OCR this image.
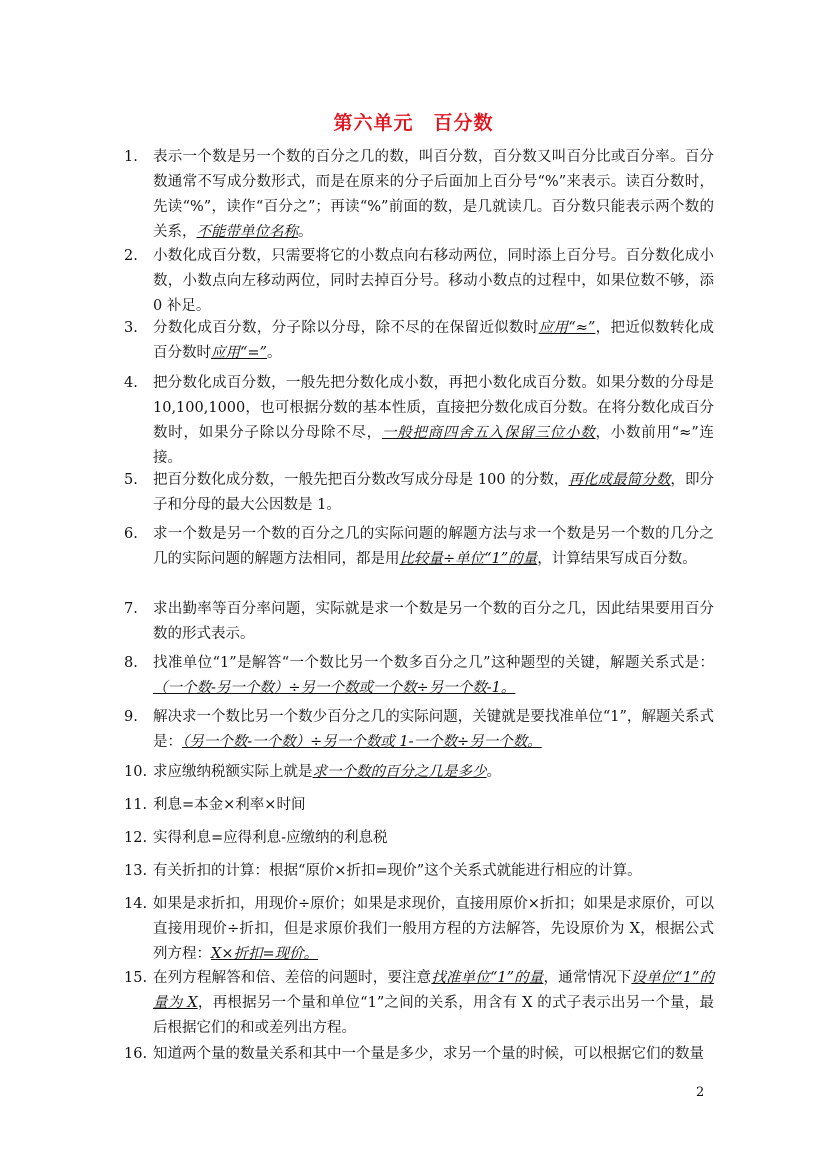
第六单元　百分数
1.	表示一个数是另一个数的百分之几的数，叫百分数，百分数又叫百分比或百分率。百分数通常不写成分数形式，而是在原来的分子后面加上百分号“%”来表示。读百分数时，先读“%”，读作“百分之”；再读“%”前面的数，是几就读几。百分数只能表示两个数的关系，不能带单位名称。
2.	小数化成百分数，只需要将它的小数点向右移动两位，同时添上百分号。百分数化成小数，小数点向左移动两位，同时去掉百分号。移动小数点的过程中，如果位数不够，添 0 补足。
3.	分数化成百分数，分子除以分母，除不尽的在保留近似数时应用“≈”，把近似数转化成百分数时应用“=”。
4.	把分数化成百分数，一般先把分数化成小数，再把小数化成百分数。如果分数的分母是 10,100,1000，也可根据分数的基本性质，直接把分数化成百分数。在将分数化成百分数时，如果分子除以分母除不尽，一般把商四舍五入保留三位小数，小数前用“≈”连接。
5.	把百分数化成分数，一般先把百分数改写成分母是 100 的分数，再化成最简分数，即分子和分母的最大公因数是 1。
6.	求一个数是另一个数的百分之几的实际问题的解题方法与求一个数是另一个数的几分之几的实际问题的解题方法相同，都是用比较量÷单位“1”的量，计算结果写成百分数。
7.	求出勤率等百分率问题，实际就是求一个数是另一个数的百分之几，因此结果要用百分数的形式表示。
8.	找准单位“1”是解答“一个数比另一个数多百分之几”这种题型的关键，解题关系式是：（一个数-另一个数）÷另一个数或一个数÷另一个数-1。
9.	解决求一个数比另一个数少百分之几的实际问题，关键就是要找准单位“1”，解题关系式是：（另一个数-一个数）÷另一个数或 1-一个数÷另一个数。
10. 求应缴纳税额实际上就是求一个数的百分之几是多少。
11. 利息=本金×利率×时间
12. 实得利息=应得利息-应缴纳的利息税
13. 有关折扣的计算：根据“原价×折扣=现价”这个关系式就能进行相应的计算。
14. 如果是求折扣，用现价÷原价；如果是求现价，直接用原价×折扣；如果是求原价，可以直接用现价÷折扣，但是求原价我们一般用方程的方法解答，先设原价为 X，根据公式列方程：X×折扣=现价。
15. 在列方程解答和倍、差倍的问题时，要注意找准单位“1”的量，通常情况下设单位“1”的量为 X，再根据另一个量和单位“1”之间的关系，用含有 X 的式子表示出另一个量，最后根据它们的和或差列出方程。
16. 知道两个量的数量关系和其中一个量是多少，求另一个量的时候，可以根据它们的数量
2
